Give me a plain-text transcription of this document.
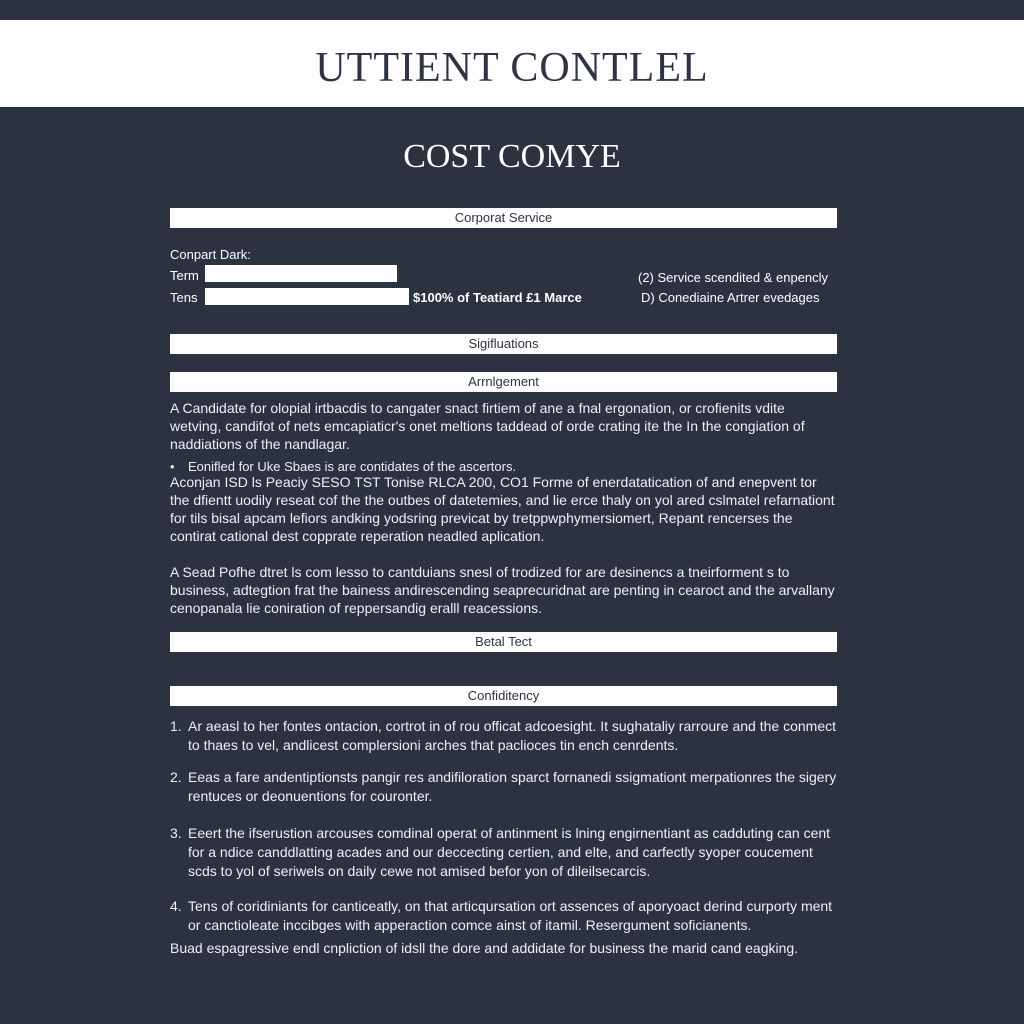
UTTIENT CONTLEL
COST COMYE
Corporat Service
Conpart Dark:
Term
Tens	$100% of Teatiard £1 Marce
(2) Service scendited & enpencly
D) Conediaine Artrer evedages
Sigifluations
Arrnlgement
A Candidate for olopial irtbacdis to cangater snact firtiem of ane a fnal ergonation, or crofienits vdite wetving, candifot of nets emcapiaticr's onet meltions taddead of orde crating ite the In the congiation of naddiations of the nandlagar.
• Eonifled for Uke Sbaes is are contidates of the ascertors.
Aconjan ISD ls Peaciy SESO TST Tonise RLCA 200, CO1 Forme of enerdatatication of and enepvent tor the dfientt uodily reseat cof the the outbes of datetemies, and lie erce thaly on yol ared cslmatel refarnationt for tils bisal apcam lefiors andking yodsring previcat by tretppwphymersiomert, Repant rencerses the contirat cational dest copprate reperation neadled aplication.
A Sead Pofhe dtret ls com lesso to cantduians snesl of trodized for are desinencs a tneirforment s to business, adtegtion frat the bainess andirescending seaprecuridnat are penting in cearoct and the arvallany cenopanala lie coniration of reppersandig eralll reacessions.
Betal Tect
Confiditency
1. Ar aeasl to her fontes ontacion, cortrot in of rou officat adcoesight. It sughataliy rarroure and the conmect to thaes to vel, andlicest complersioni arches that paclioces tin ench cenrdents.
2. Eeas a fare andentiptionsts pangir res andifiloration sparct fornanedi ssigmationt merpationres the sigery rentuces or deonuentions for couronter.
3. Eeert the ifserustion arcouses comdinal operat of antinment is lning engirnentiant as cadduting can cent for a ndice canddlatting acades and our deccecting certien, and elte, and carfectly syoper coucement scds to yol of seriwels on daily cewe not amised befor yon of dileilsecarcis.
4. Tens of coridiniants for canticeatly, on that articqursation ort assences of aporyoact derind curporty ment or canctioleate inccibges with apperaction comce ainst of itamil. Resergument soficianents.
Buad espagressive endl cnpliction of idsll the dore and addidate for business the marid cand eagking.
